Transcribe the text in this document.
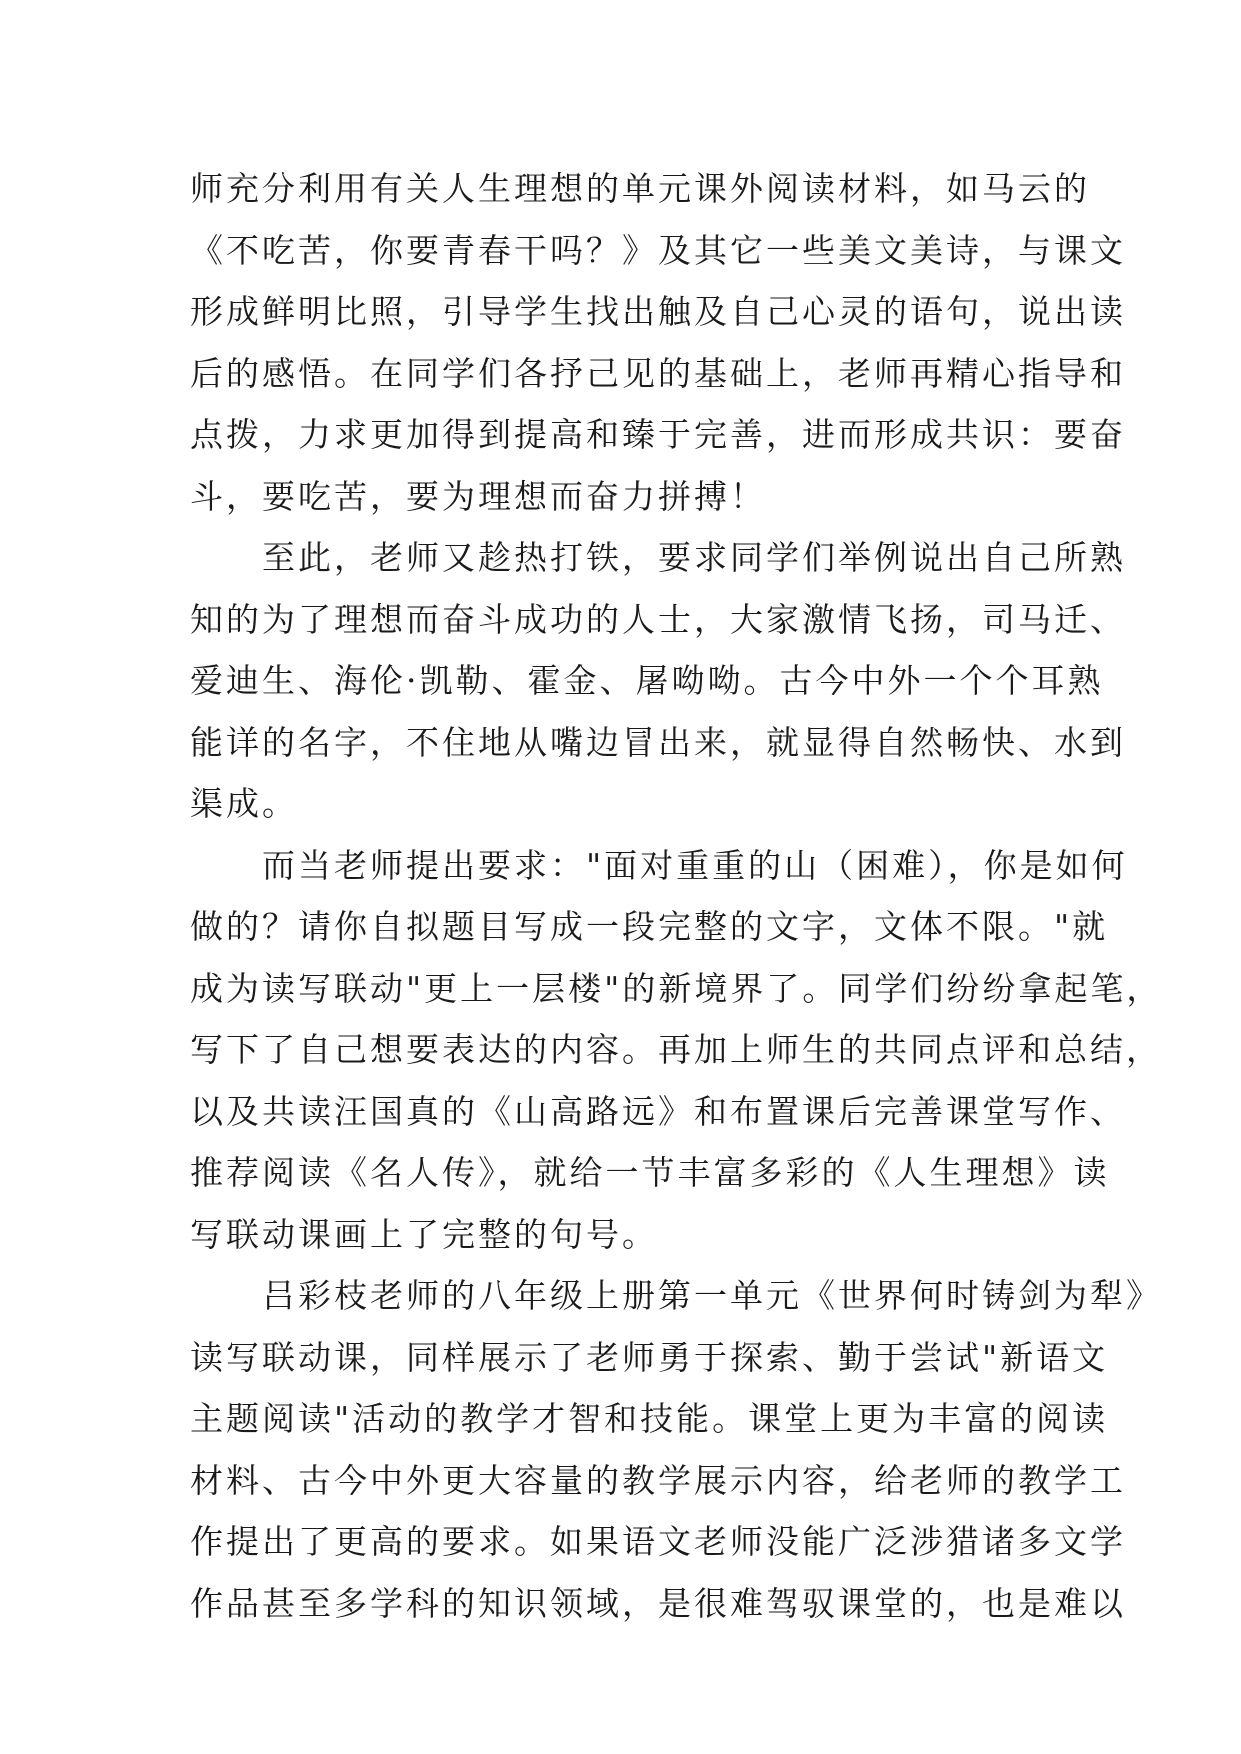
师充分利用有关人生理想的单元课外阅读材料，如马云的
《不吃苦，你要青春干吗？》及其它一些美文美诗，与课文
形成鲜明比照，引导学生找出触及自己心灵的语句，说出读
后的感悟。在同学们各抒己见的基础上，老师再精心指导和
点拨，力求更加得到提高和臻于完善，进而形成共识：要奋
斗，要吃苦，要为理想而奋力拼搏！
　　至此，老师又趁热打铁，要求同学们举例说出自己所熟
知的为了理想而奋斗成功的人士，大家激情飞扬，司马迁、
爱迪生、海伦·凯勒、霍金、屠呦呦。古今中外一个个耳熟
能详的名字，不住地从嘴边冒出来，就显得自然畅快、水到
渠成。
　　而当老师提出要求："面对重重的山（困难），你是如何
做的？请你自拟题目写成一段完整的文字，文体不限。"就
成为读写联动"更上一层楼"的新境界了。同学们纷纷拿起笔，
写下了自己想要表达的内容。再加上师生的共同点评和总结，
以及共读汪国真的《山高路远》和布置课后完善课堂写作、
推荐阅读《名人传》，就给一节丰富多彩的《人生理想》读
写联动课画上了完整的句号。
　　吕彩枝老师的八年级上册第一单元《世界何时铸剑为犁》
读写联动课，同样展示了老师勇于探索、勤于尝试"新语文
主题阅读"活动的教学才智和技能。课堂上更为丰富的阅读
材料、古今中外更大容量的教学展示内容，给老师的教学工
作提出了更高的要求。如果语文老师没能广泛涉猎诸多文学
作品甚至多学科的知识领域，是很难驾驭课堂的，也是难以
